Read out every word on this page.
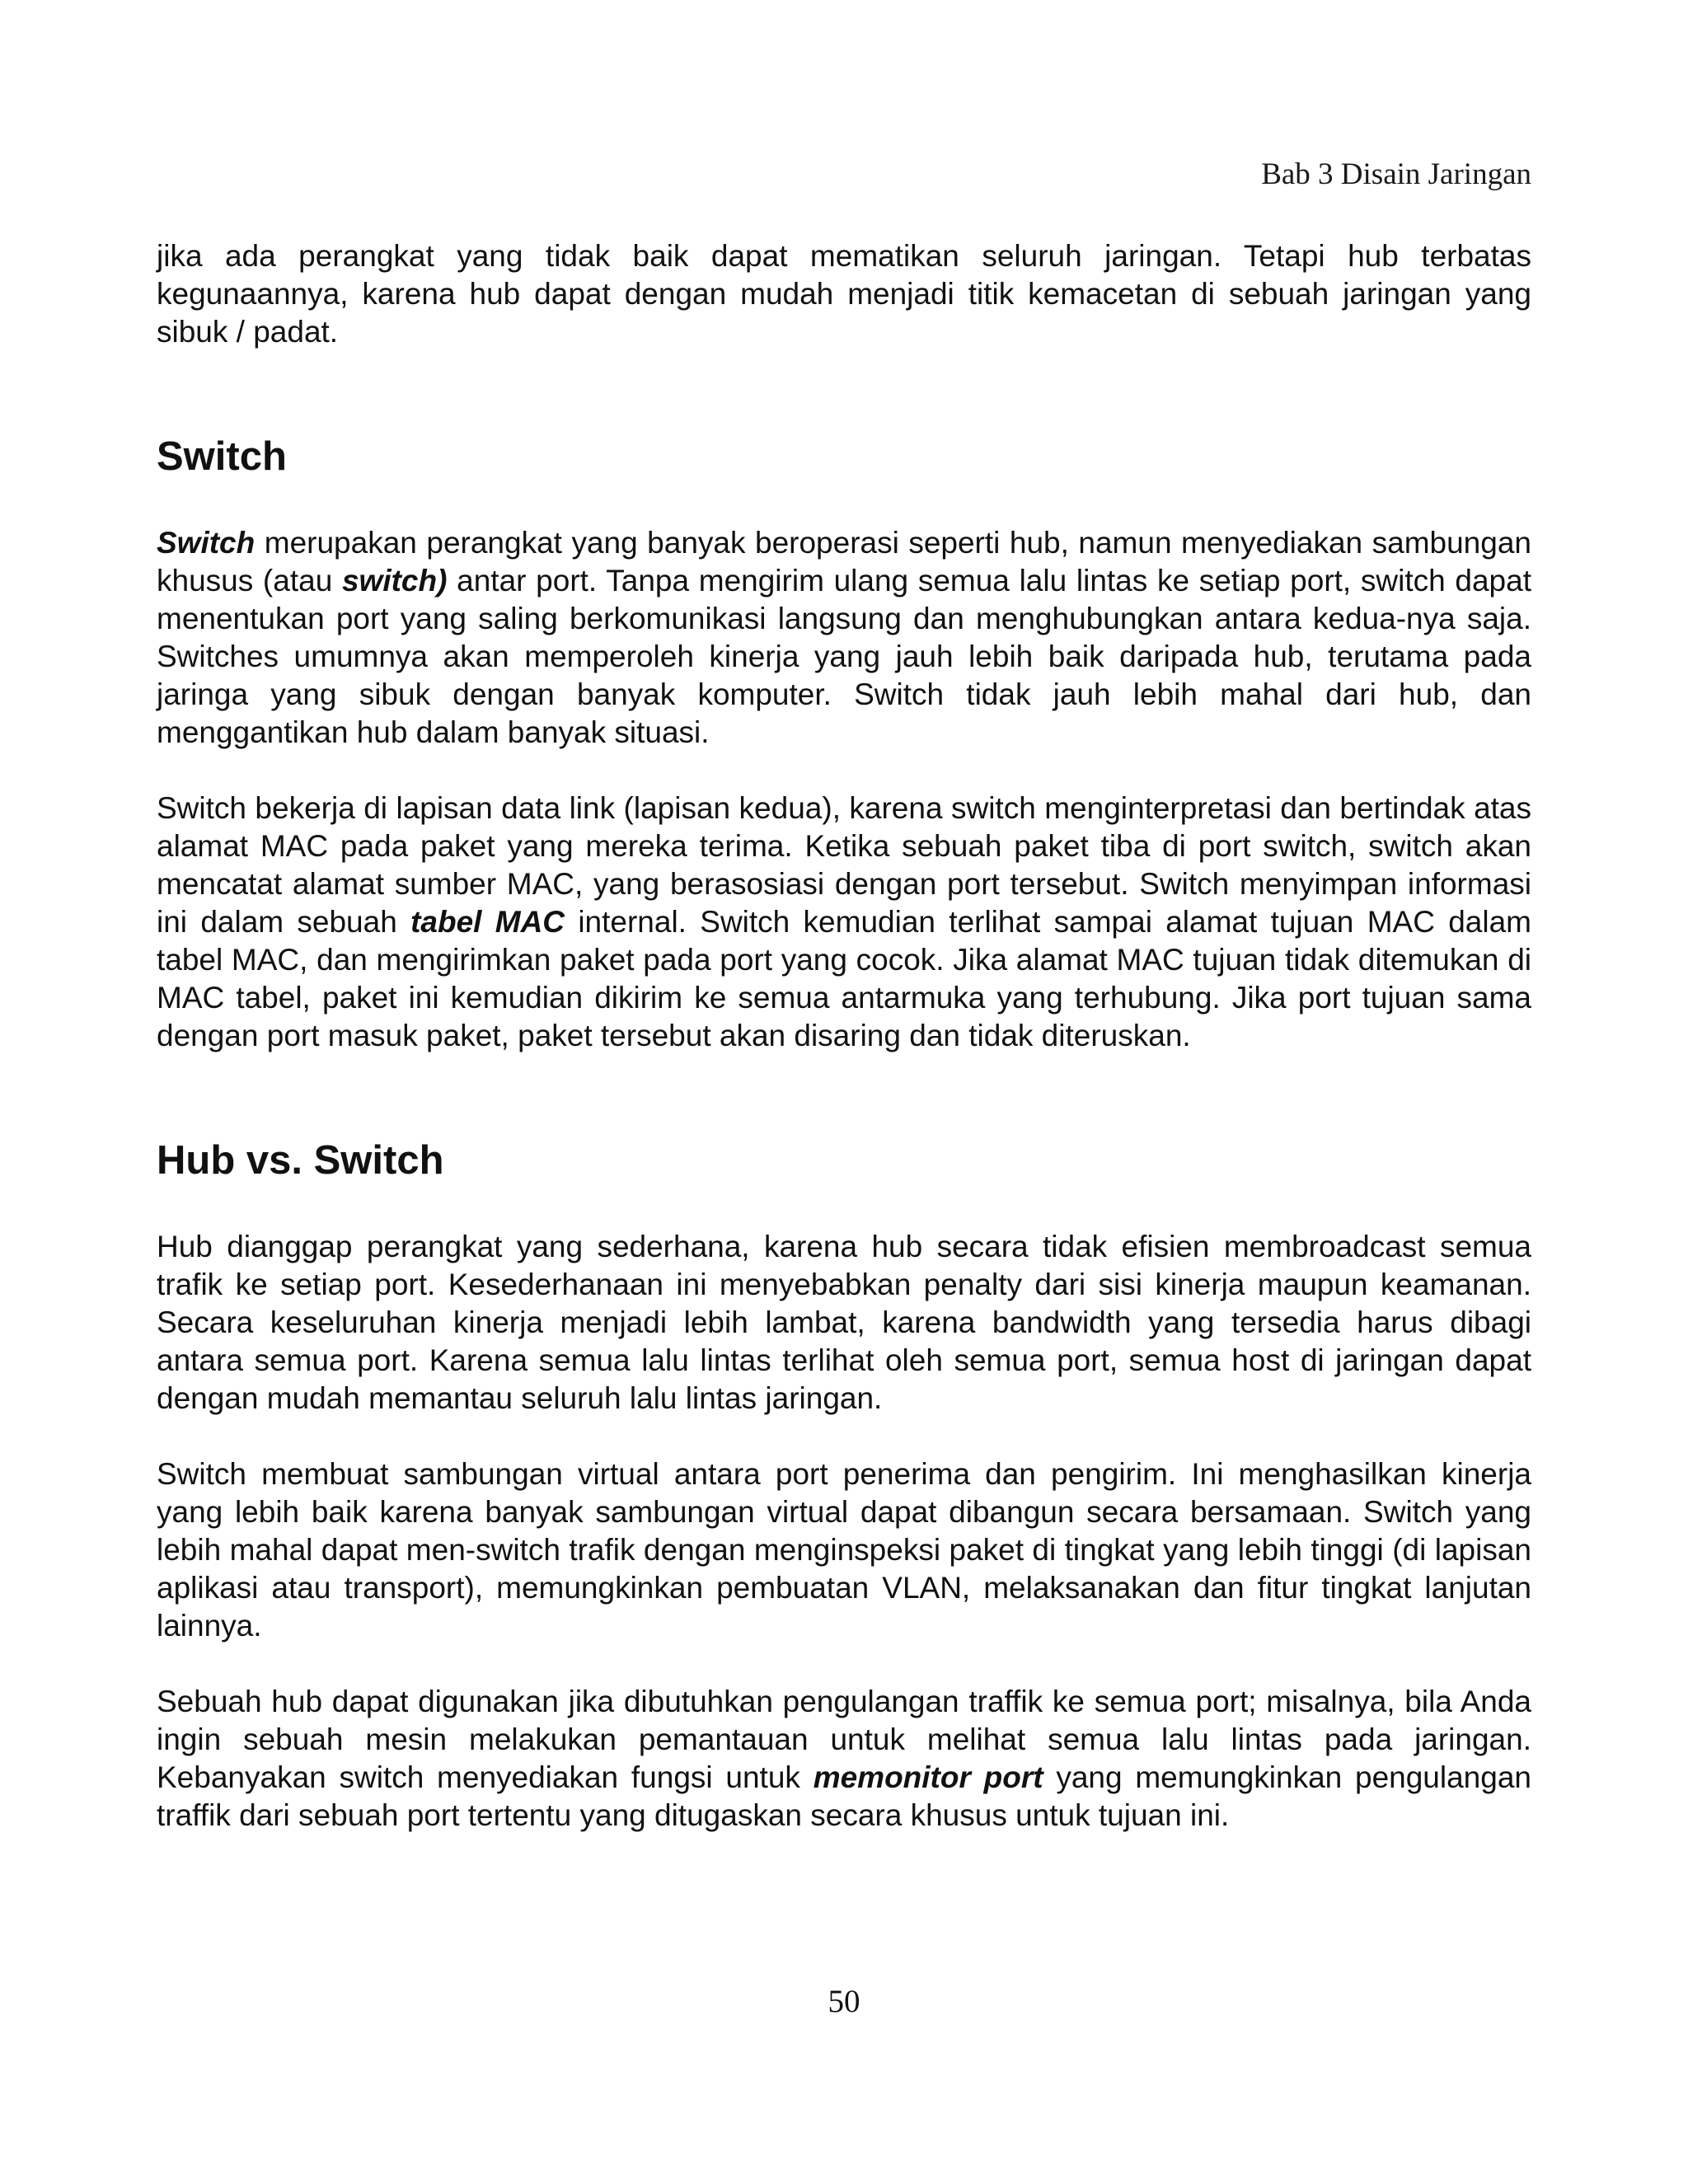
Bab 3 Disain Jaringan

jika ada perangkat yang tidak baik dapat mematikan seluruh jaringan. Tetapi hub terbatas kegunaannya, karena hub dapat dengan mudah menjadi titik kemacetan di sebuah jaringan yang sibuk / padat.

Switch

Switch merupakan perangkat yang banyak beroperasi seperti hub, namun menyediakan sambungan khusus (atau switch) antar port. Tanpa mengirim ulang semua lalu lintas ke setiap port, switch dapat menentukan port yang saling berkomunikasi langsung dan menghubungkan antara kedua-nya saja. Switches umumnya akan memperoleh kinerja yang jauh lebih baik daripada hub, terutama pada jaringa yang sibuk dengan banyak komputer. Switch tidak jauh lebih mahal dari hub, dan menggantikan hub dalam banyak situasi.

Switch bekerja di lapisan data link (lapisan kedua), karena switch menginterpretasi dan bertindak atas alamat MAC pada paket yang mereka terima. Ketika sebuah paket tiba di port switch, switch akan mencatat alamat sumber MAC, yang berasosiasi dengan port tersebut. Switch menyimpan informasi ini dalam sebuah tabel MAC internal. Switch kemudian terlihat sampai alamat tujuan MAC dalam tabel MAC, dan mengirimkan paket pada port yang cocok. Jika alamat MAC tujuan tidak ditemukan di MAC tabel, paket ini kemudian dikirim ke semua antarmuka yang terhubung. Jika port tujuan sama dengan port masuk paket, paket tersebut akan disaring dan tidak diteruskan.

Hub vs. Switch

Hub dianggap perangkat yang sederhana, karena hub secara tidak efisien membroadcast semua trafik ke setiap port. Kesederhanaan ini menyebabkan penalty dari sisi kinerja maupun keamanan. Secara keseluruhan kinerja menjadi lebih lambat, karena bandwidth yang tersedia harus dibagi antara semua port. Karena semua lalu lintas terlihat oleh semua port, semua host di jaringan dapat dengan mudah memantau seluruh lalu lintas jaringan.

Switch membuat sambungan virtual antara port penerima dan pengirim. Ini menghasilkan kinerja yang lebih baik karena banyak sambungan virtual dapat dibangun secara bersamaan. Switch yang lebih mahal dapat men-switch trafik dengan menginspeksi paket di tingkat yang lebih tinggi (di lapisan aplikasi atau transport), memungkinkan pembuatan VLAN, melaksanakan dan fitur tingkat lanjutan lainnya.

Sebuah hub dapat digunakan jika dibutuhkan pengulangan traffik ke semua port; misalnya, bila Anda ingin sebuah mesin melakukan pemantauan untuk melihat semua lalu lintas pada jaringan. Kebanyakan switch menyediakan fungsi untuk memonitor port yang memungkinkan pengulangan traffik dari sebuah port tertentu yang ditugaskan secara khusus untuk tujuan ini.

50
